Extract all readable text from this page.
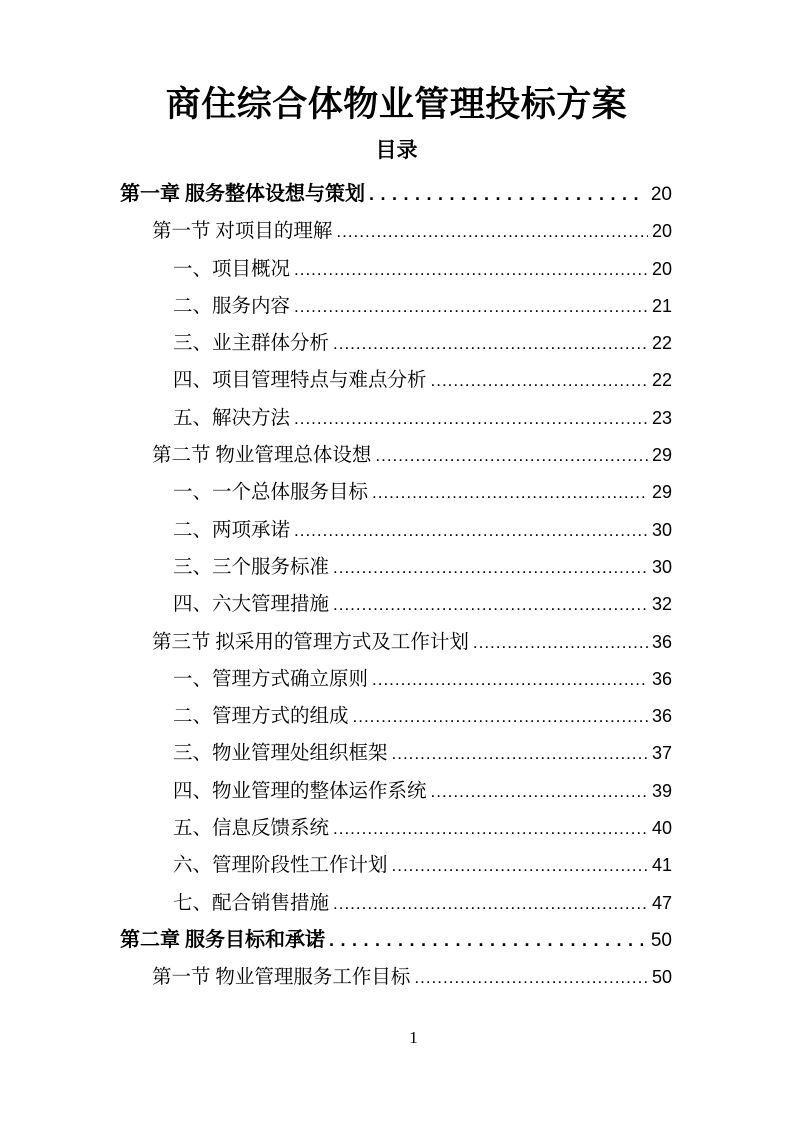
商住综合体物业管理投标方案
目录
第一章 服务整体设想与策划 .....	20
第一节 对项目的理解 .....	20
一、项目概况 .....	20
二、服务内容 .....	21
三、业主群体分析 .....	22
四、项目管理特点与难点分析 .....	22
五、解决方法 .....	23
第二节 物业管理总体设想 .....	29
一、一个总体服务目标 .....	29
二、两项承诺 .....	30
三、三个服务标准 .....	30
四、六大管理措施 .....	32
第三节 拟采用的管理方式及工作计划 .....	36
一、管理方式确立原则 .....	36
二、管理方式的组成 .....	36
三、物业管理处组织框架 .....	37
四、物业管理的整体运作系统 .....	39
五、信息反馈系统 .....	40
六、管理阶段性工作计划 .....	41
七、配合销售措施 .....	47
第二章 服务目标和承诺 .....	50
第一节 物业管理服务工作目标 .....	50
1
